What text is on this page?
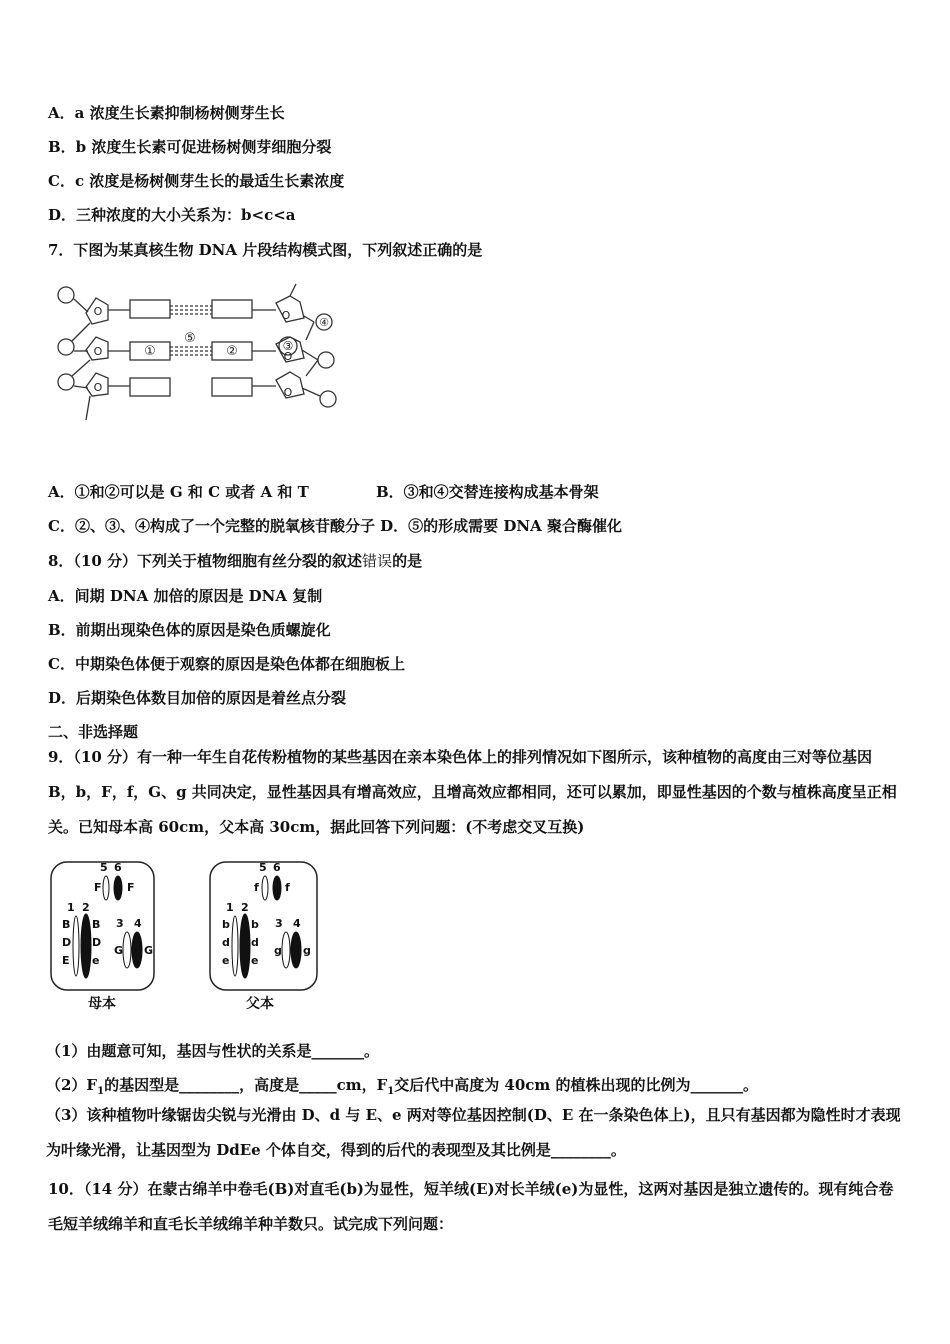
A．a 浓度生长素抑制杨树侧芽生长
B．b 浓度生长素可促进杨树侧芽细胞分裂
C．c 浓度是杨树侧芽生长的最适生长素浓度
D．三种浓度的大小关系为：b<c<a
7．下图为某真核生物 DNA 片段结构模式图，下列叙述正确的是
O
O
O
O
O
O
①	②	③
④
⑤
A．①和②可以是 G 和 C 或者 A 和 T	B．③和④交替连接构成基本骨架
C．②、③、④构成了一个完整的脱氧核苷酸分子 D．⑤的形成需要 DNA 聚合酶催化
8．（10 分）下列关于植物细胞有丝分裂的叙述错误的是
A．间期 DNA 加倍的原因是 DNA 复制
B．前期出现染色体的原因是染色质螺旋化
C．中期染色体便于观察的原因是染色体都在细胞板上
D．后期染色体数目加倍的原因是着丝点分裂
二、非选择题
9．（10 分）有一种一年生自花传粉植物的某些基因在亲本染色体上的排列情况如下图所示，该种植物的高度由三对等位基因 B，b，F，f，G、g 共同决定，显性基因具有增高效应，且增高效应都相同，还可以累加，即显性基因的个数与植株高度呈正相关。已知母本高 60cm，父本高 30cm，据此回答下列问题：(不考虑交叉互换)
5 6
1 2
3 4
B B
D D
E e
G G
F F
5 6
1 2
3 4
b b
d d
e e
g g
f f
母本	父本
（1）由题意可知，基因与性状的关系是_______。
$(2)F_1$的基因型是________，高度是_____cm，$F_1$交后代中高度为 40cm 的植株出现的比例为_______。
（3）该种植物叶缘锯齿尖锐与光滑由 D、d 与 E、e 两对等位基因控制(D、E 在一条染色体上)，且只有基因都为隐性时才表现为叶缘光滑，让基因型为 DdEe 个体自交，得到的后代的表现型及其比例是________。
10．（14 分）在蒙古绵羊中卷毛(B)对直毛(b)为显性，短羊绒(E)对长羊绒(e)为显性，这两对基因是独立遗传的。现有纯合卷毛短羊绒绵羊和直毛长羊绒绵羊种羊数只。试完成下列问题：
